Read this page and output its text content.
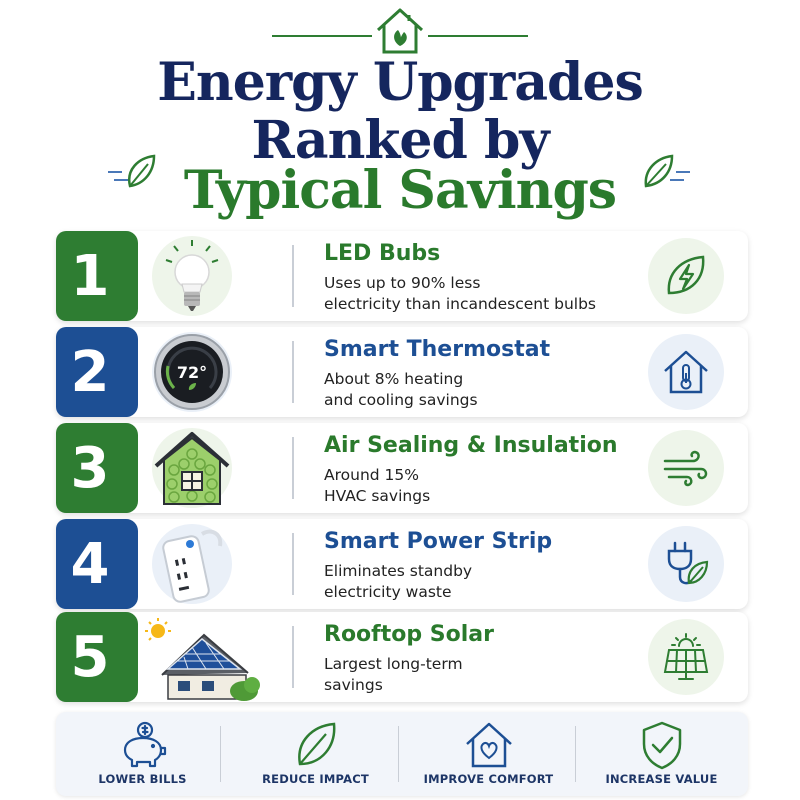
Energy Upgrades
Ranked by
Typical Savings
1	LED Bubs
Uses up to 90% less
electricity than incandescent bulbs
2	72°
Smart Thermostat
About 8% heating
and cooling savings
3	Air Sealing & Insulation
Around 15%
HVAC savings
4	Smart Power Strip
Eliminates standby
electricity waste
5	Rooftop Solar
Largest long-term
savings
LOWER BILLS	REDUCE IMPACT	IMPROVE COMFORT	INCREASE VALUE
